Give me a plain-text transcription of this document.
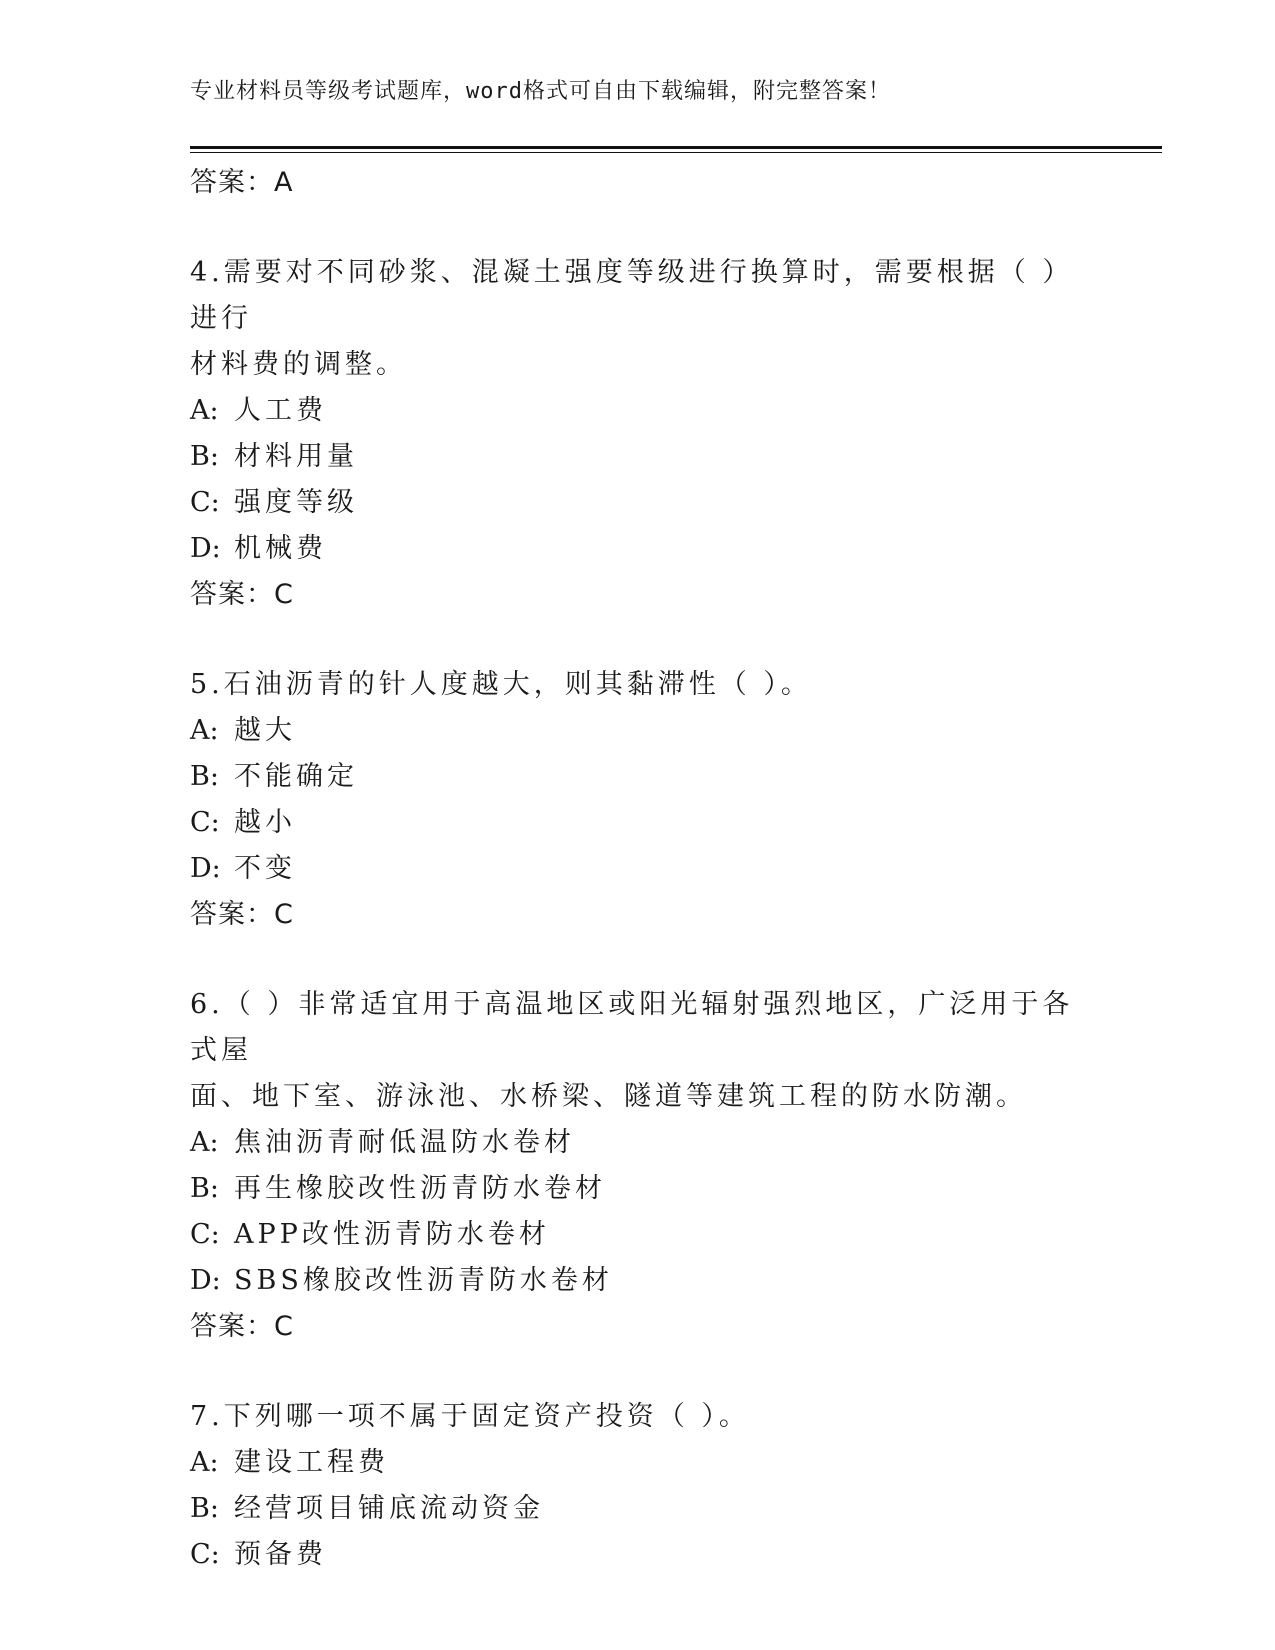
专业材料员等级考试题库，word格式可自由下载编辑，附完整答案！
答案：A
4.需要对不同砂浆、混凝土强度等级进行换算时，需要根据（ ）进行
材料费的调整。
A: 人工费
B: 材料用量
C: 强度等级
D: 机械费
答案：C
5.石油沥青的针人度越大，则其黏滞性（ ）。
A: 越大
B: 不能确定
C: 越小
D: 不变
答案：C
6.（ ）非常适宜用于高温地区或阳光辐射强烈地区，广泛用于各式屋
面、地下室、游泳池、水桥梁、隧道等建筑工程的防水防潮。
A: 焦油沥青耐低温防水卷材
B: 再生橡胶改性沥青防水卷材
C: APP改性沥青防水卷材
D: SBS橡胶改性沥青防水卷材
答案：C
7.下列哪一项不属于固定资产投资（ ）。
A: 建设工程费
B: 经营项目铺底流动资金
C: 预备费
